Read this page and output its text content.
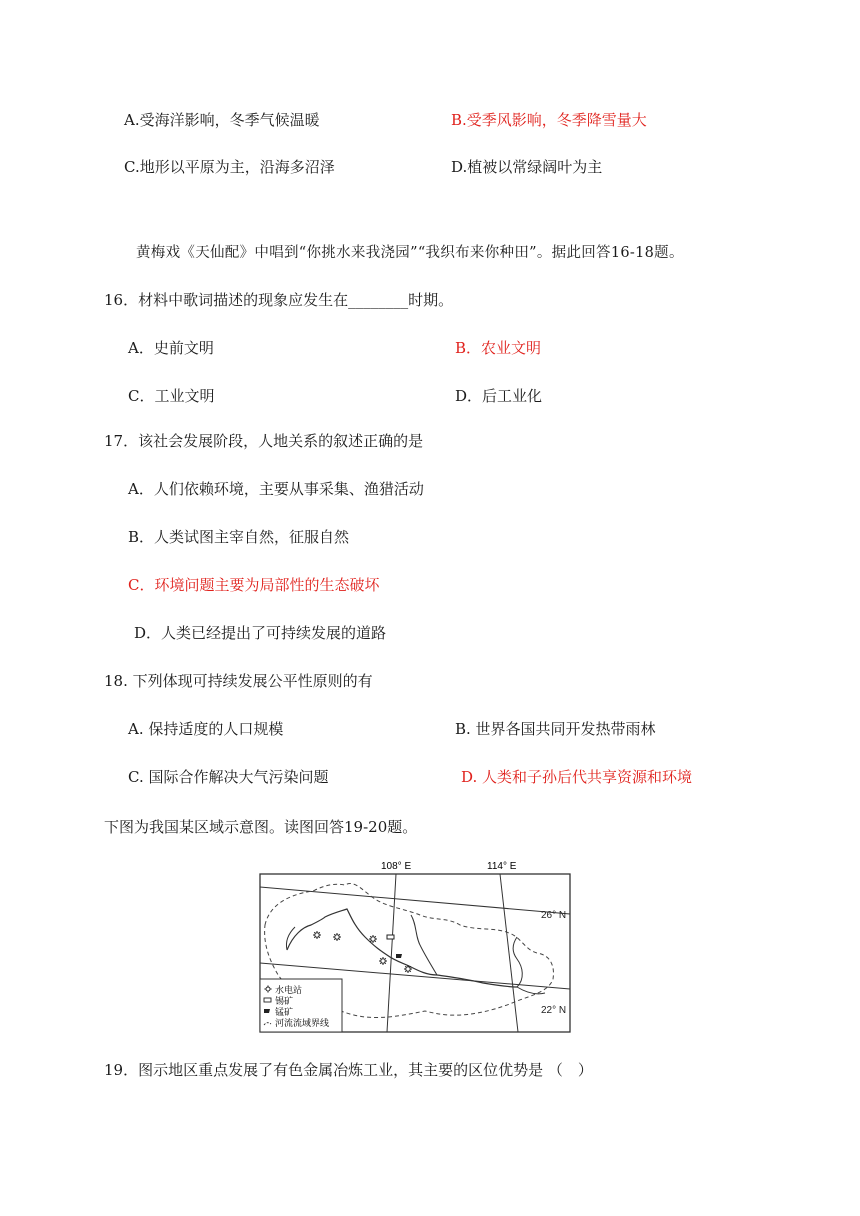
A.受海洋影响，冬季气候温暖	B.受季风影响，冬季降雪量大
C.地形以平原为主，沿海多沼泽	D.植被以常绿阔叶为主
黄梅戏《天仙配》中唱到“你挑水来我浇园”“我织布来你种田”。据此回答16-18题。
16．材料中歌词描述的现象应发生在________时期。
A．史前文明	B．农业文明
C．工业文明	D．后工业化
17．该社会发展阶段，人地关系的叙述正确的是
A．人们依赖环境，主要从事采集、渔猎活动
B．人类试图主宰自然，征服自然
C．环境问题主要为局部性的生态破坏
D．人类已经提出了可持续发展的道路
18. 下列体现可持续发展公平性原则的有
A. 保持适度的人口规模	B. 世界各国共同开发热带雨林
C. 国际合作解决大气污染问题	D. 人类和子孙后代共享资源和环境
下图为我国某区域示意图。读图回答19-20题。
水电站
锡矿
锰矿
河流流域界线
108° E	114° E
26° N
22° N
19．图示地区重点发展了有色金属冶炼工业，其主要的区位优势是 （　）
